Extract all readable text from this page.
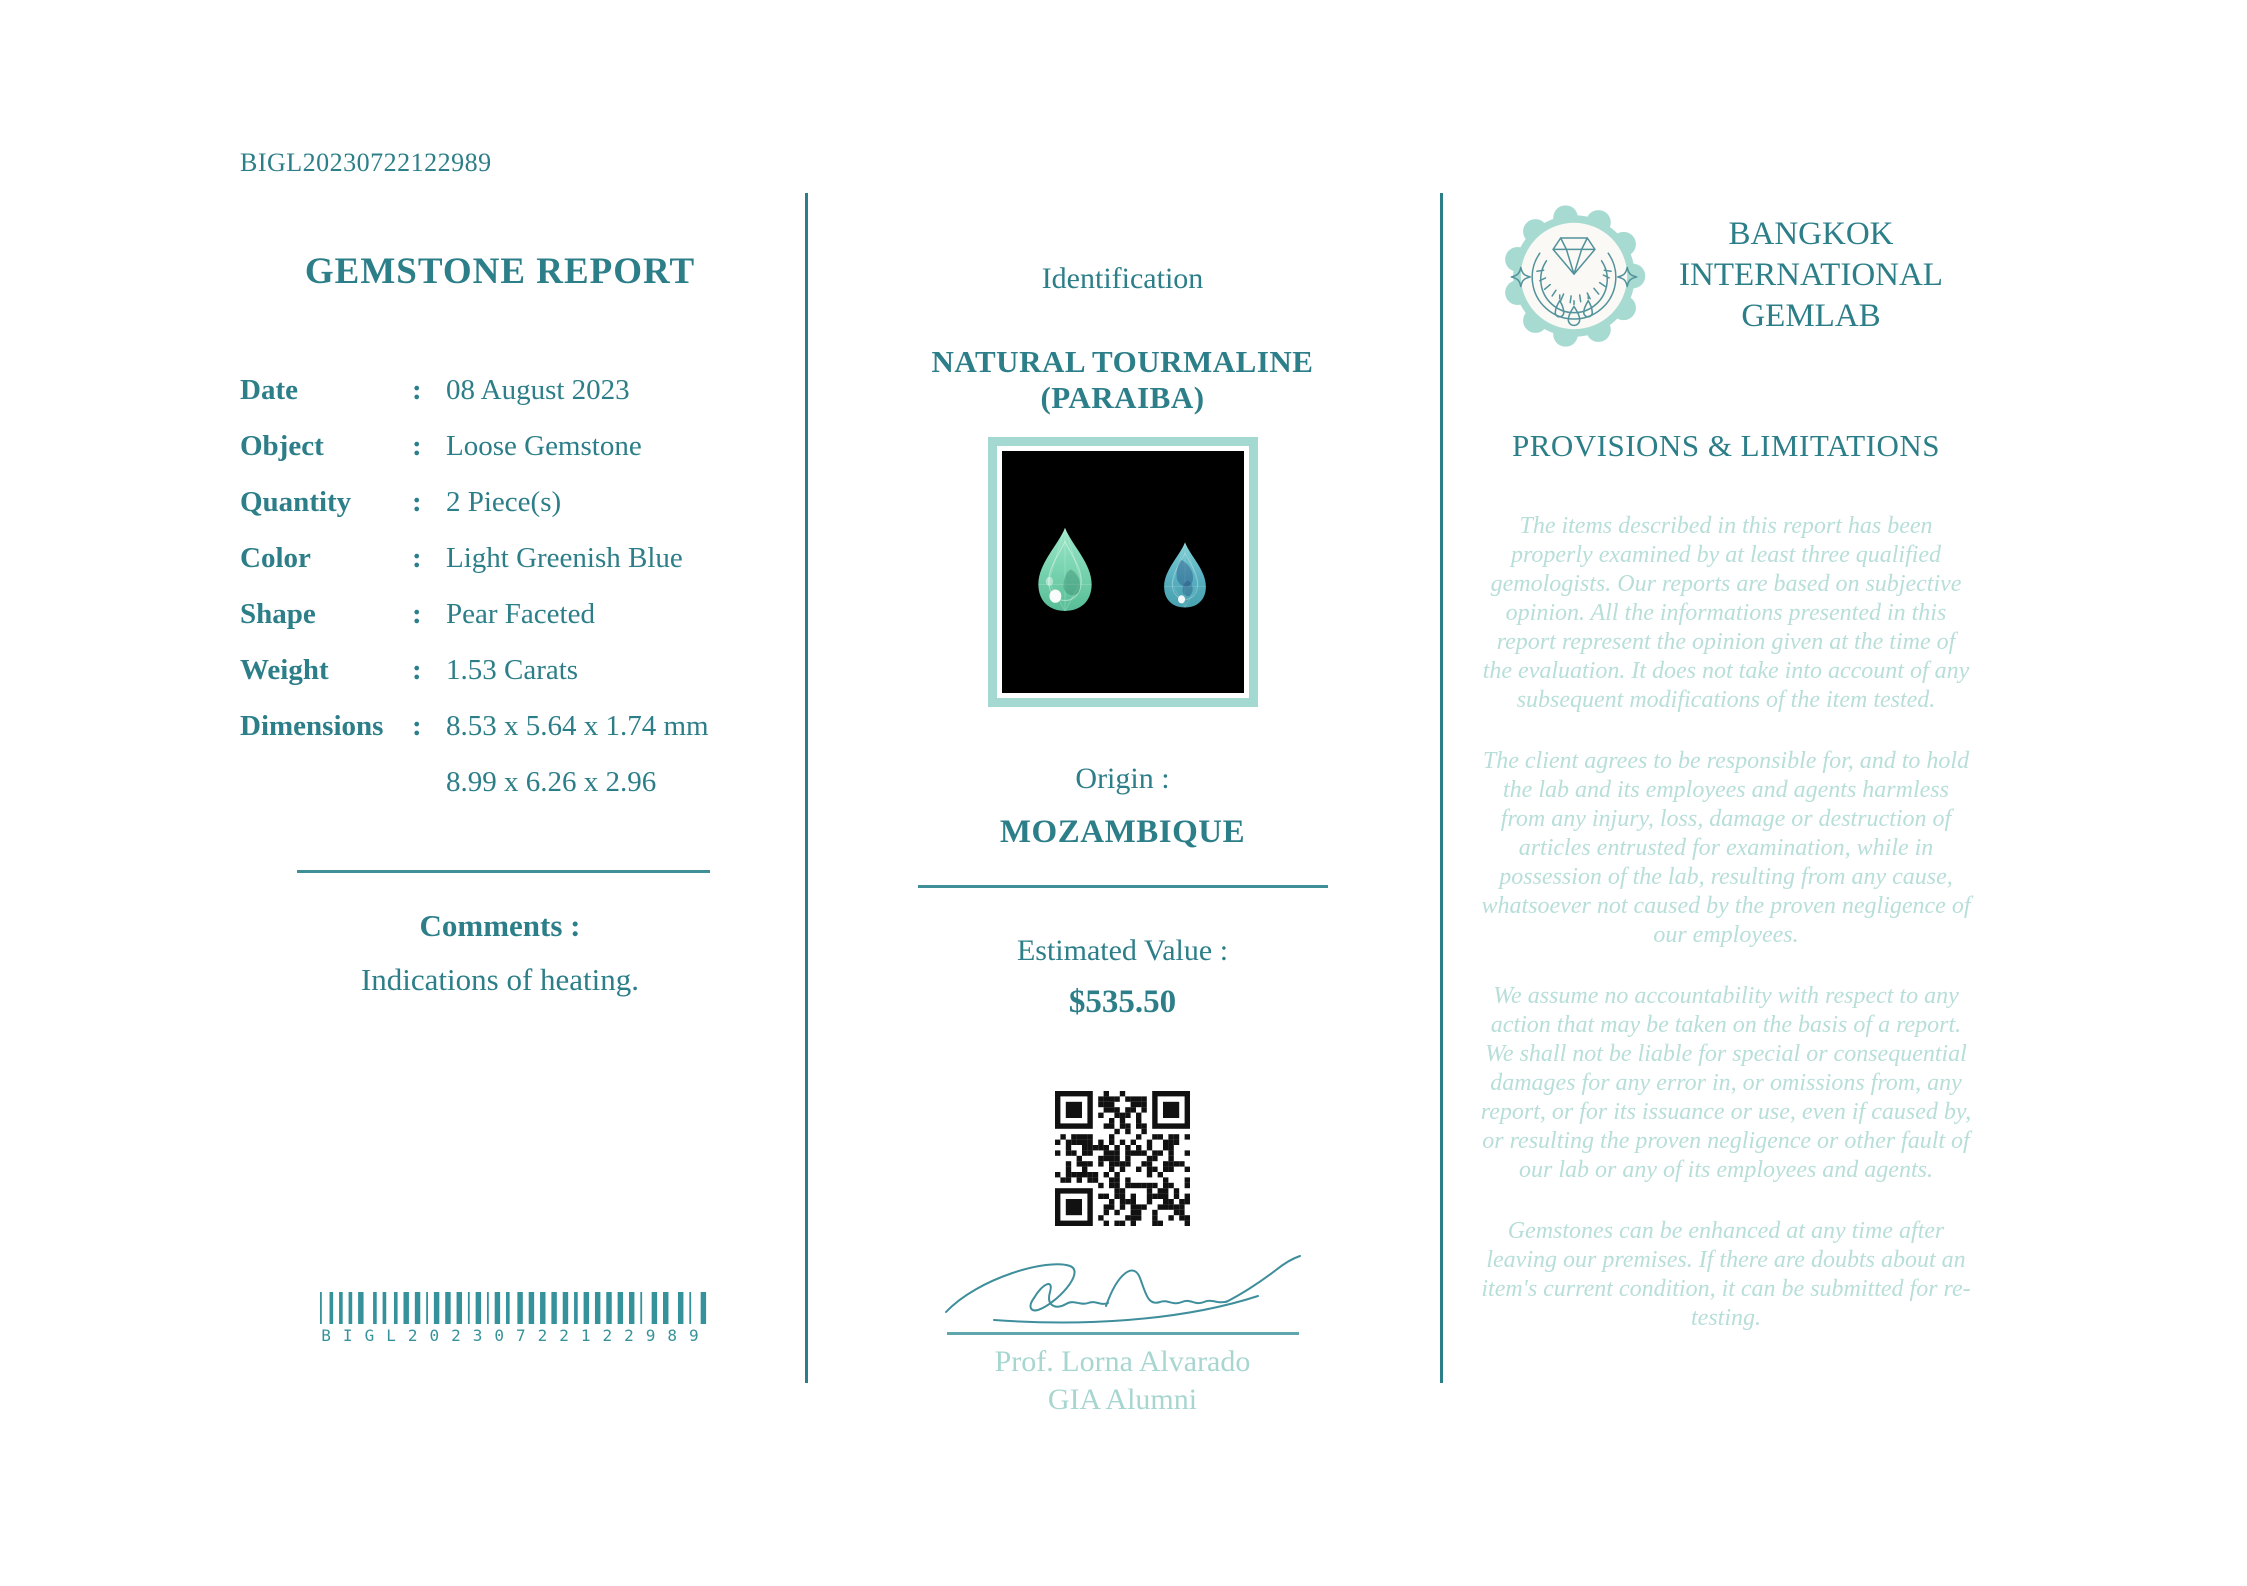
BIGL20230722122989
GEMSTONE REPORT
Date	: 08 August 2023
Object	: Loose Gemstone
Quantity	: 2 Piece(s)
Color	: Light Greenish Blue
Shape	: Pear Faceted
Weight	: 1.53 Carats
Dimensions : 8.53 x 5.64 x 1.74 mm
8.99 x 6.26 x 2.96
Comments :
Indications of heating.
BIGL20230722122989
Identification
NATURAL TOURMALINE (PARAIBA)
Origin :
MOZAMBIQUE
Estimated Value :
$535.50
Prof. Lorna Alvarado
GIA Alumni
BANGKOK
INTERNATIONAL
GEMLAB
PROVISIONS & LIMITATIONS

The items described in this report has been properly examined by at least three qualified gemologists. Our reports are based on subjective opinion. All the informations presented in this report represent the opinion given at the time of the evaluation. It does not take into account of any subsequent modifications of the item tested.

The client agrees to be responsible for, and to hold the lab and its employees and agents harmless from any injury, loss, damage or destruction of articles entrusted for examination, while in possession of the lab, resulting from any cause, whatsoever not caused by the proven negligence of our employees.

We assume no accountability with respect to any action that may be taken on the basis of a report. We shall not be liable for special or consequential damages for any error in, or omissions from, any report, or for its issuance or use, even if caused by, or resulting the proven negligence or other fault of our lab or any of its employees and agents.

Gemstones can be enhanced at any time after leaving our premises. If there are doubts about an item's current condition, it can be submitted for re-testing.
